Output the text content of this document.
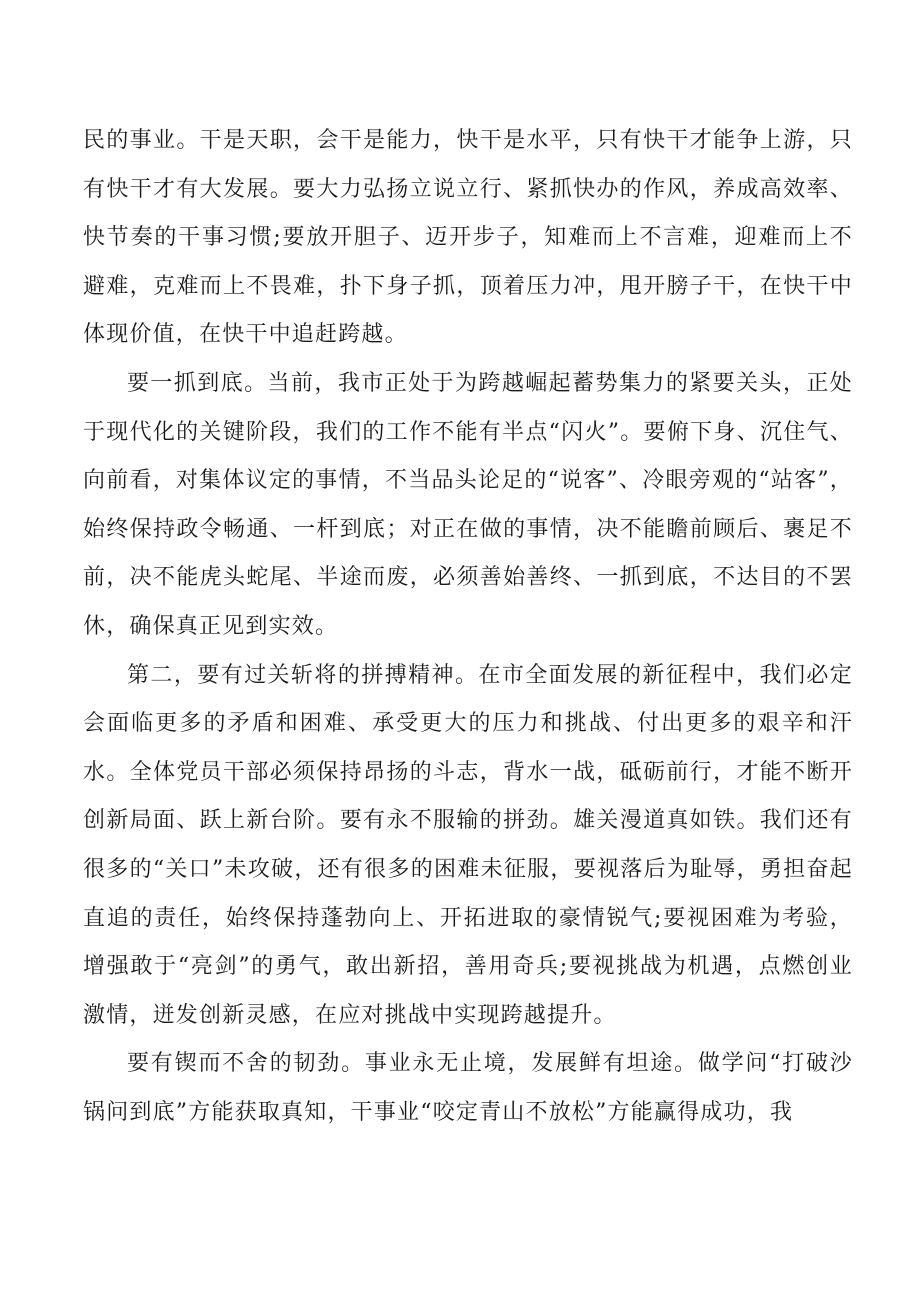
民的事业。干是天职，会干是能力，快干是水平，只有快干才能争上游，只有快干才有大发展。要大力弘扬立说立行、紧抓快办的作风，养成高效率、快节奏的干事习惯;要放开胆子、迈开步子，知难而上不言难，迎难而上不避难，克难而上不畏难，扑下身子抓，顶着压力冲，甩开膀子干，在快干中体现价值，在快干中追赶跨越。

要一抓到底。当前，我市正处于为跨越崛起蓄势集力的紧要关头，正处于现代化的关键阶段，我们的工作不能有半点“闪火”。要俯下身、沉住气、向前看，对集体议定的事情，不当品头论足的“说客”、冷眼旁观的“站客”，始终保持政令畅通、一杆到底；对正在做的事情，决不能瞻前顾后、裹足不前，决不能虎头蛇尾、半途而废，必须善始善终、一抓到底，不达目的不罢休，确保真正见到实效。

第二，要有过关斩将的拼搏精神。在市全面发展的新征程中，我们必定会面临更多的矛盾和困难、承受更大的压力和挑战、付出更多的艰辛和汗水。全体党员干部必须保持昂扬的斗志，背水一战，砥砺前行，才能不断开创新局面、跃上新台阶。要有永不服输的拼劲。雄关漫道真如铁。我们还有很多的“关口”未攻破，还有很多的困难未征服，要视落后为耻辱，勇担奋起直追的责任，始终保持蓬勃向上、开拓进取的豪情锐气;要视困难为考验，增强敢于“亮剑”的勇气，敢出新招，善用奇兵;要视挑战为机遇，点燃创业激情，迸发创新灵感，在应对挑战中实现跨越提升。

要有锲而不舍的韧劲。事业永无止境，发展鲜有坦途。做学问“打破沙锅问到底”方能获取真知，干事业“咬定青山不放松”方能赢得成功，我
